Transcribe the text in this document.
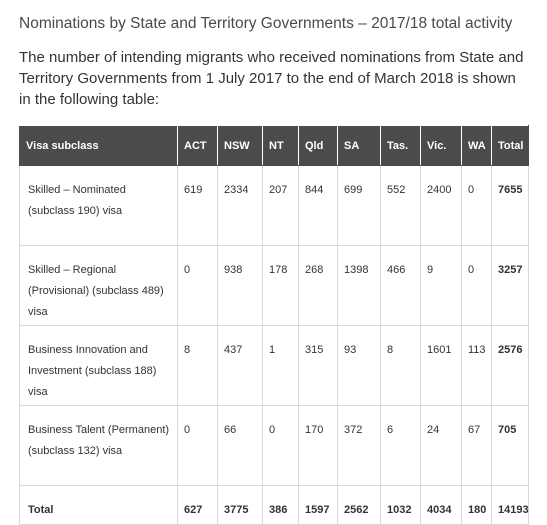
Nominations by State and Territory Governments – 2017/18 total activity

The number of intending migrants who received nominations from State and Territory Governments from 1 July 2017 to the end of March 2018 is shown in the following table:

Visa subclass	ACT	NSW	NT	Qld	SA	Tas.	Vic.	WA	Total
Skilled – Nominated (subclass 190) visa	619	2334	207	844	699	552	2400	0	7655
Skilled – Regional (Provisional) (subclass 489) visa	0	938	178	268	1398	466	9	0	3257
Business Innovation and Investment (subclass 188) visa	8	437	1	315	93	8	1601	113	2576
Business Talent (Permanent) (subclass 132) visa	0	66	0	170	372	6	24	67	705
Total	627	3775	386	1597	2562	1032	4034	180	14193
